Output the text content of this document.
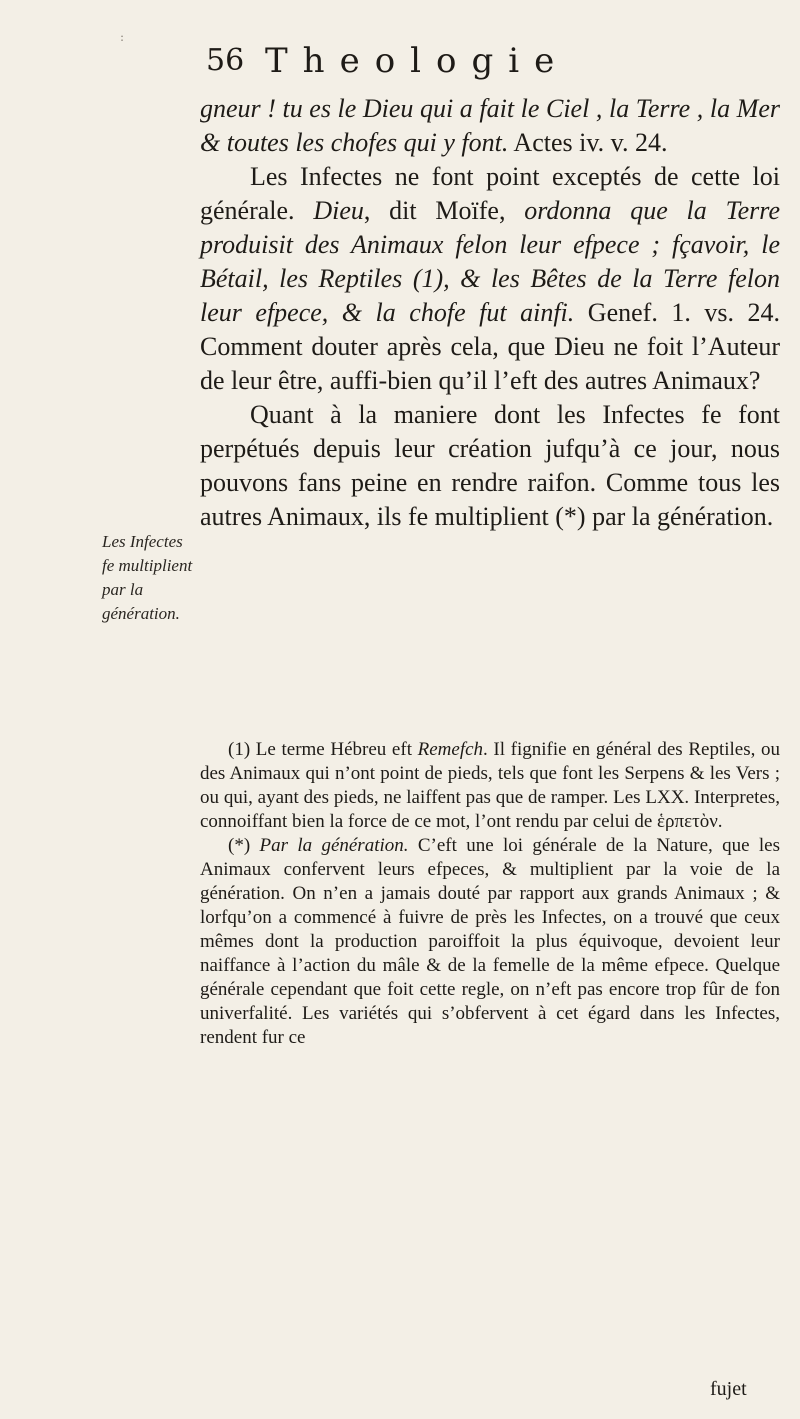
:
56 Theologie

gneur ! tu es le Dieu qui a fait le Ciel , la Terre , la Mer & toutes les chofes qui y font. Actes iv. v. 24.

Les Infectes ne font point exceptés de cette loi générale. Dieu, dit Moïfe, ordonna que la Terre produisit des Animaux felon leur efpece ; fçavoir, le Bétail, les Reptiles (1), & les Bêtes de la Terre felon leur efpece, & la chofe fut ainfi. Genef. 1. vs. 24. Comment douter après cela, que Dieu ne foit l’Auteur de leur être, auffi-bien qu’il l’eft des autres Animaux?

Quant à la maniere dont les Infectes fe font perpétués depuis leur création jufqu’à ce jour, nous pouvons fans peine en rendre raifon. Comme tous les autres Animaux, ils fe multiplient (*) par la génération.

Les Infectes fe multiplient par la génération.

(1) Le terme Hébreu eft Remefch. Il fignifie en général des Reptiles, ou des Animaux qui n’ont point de pieds, tels que font les Serpens & les Vers ; ou qui, ayant des pieds, ne laiffent pas que de ramper. Les LXX. Interpretes, connoiffant bien la force de ce mot, l’ont rendu par celui de ἑρπετὸν.

(*) Par la génération. C’eft une loi générale de la Nature, que les Animaux confervent leurs efpeces, & multiplient par la voie de la génération. On n’en a jamais douté par rapport aux grands Animaux ; & lorfqu’on a commencé à fuivre de près les Infectes, on a trouvé que ceux mêmes dont la production paroiffoit la plus équivoque, devoient leur naiffance à l’action du mâle & de la femelle de la même efpece. Quelque générale cependant que foit cette regle, on n’eft pas encore trop fûr de fon univerfalité. Les variétés qui s’obfervent à cet égard dans les Infectes, rendent fur ce

fujet
